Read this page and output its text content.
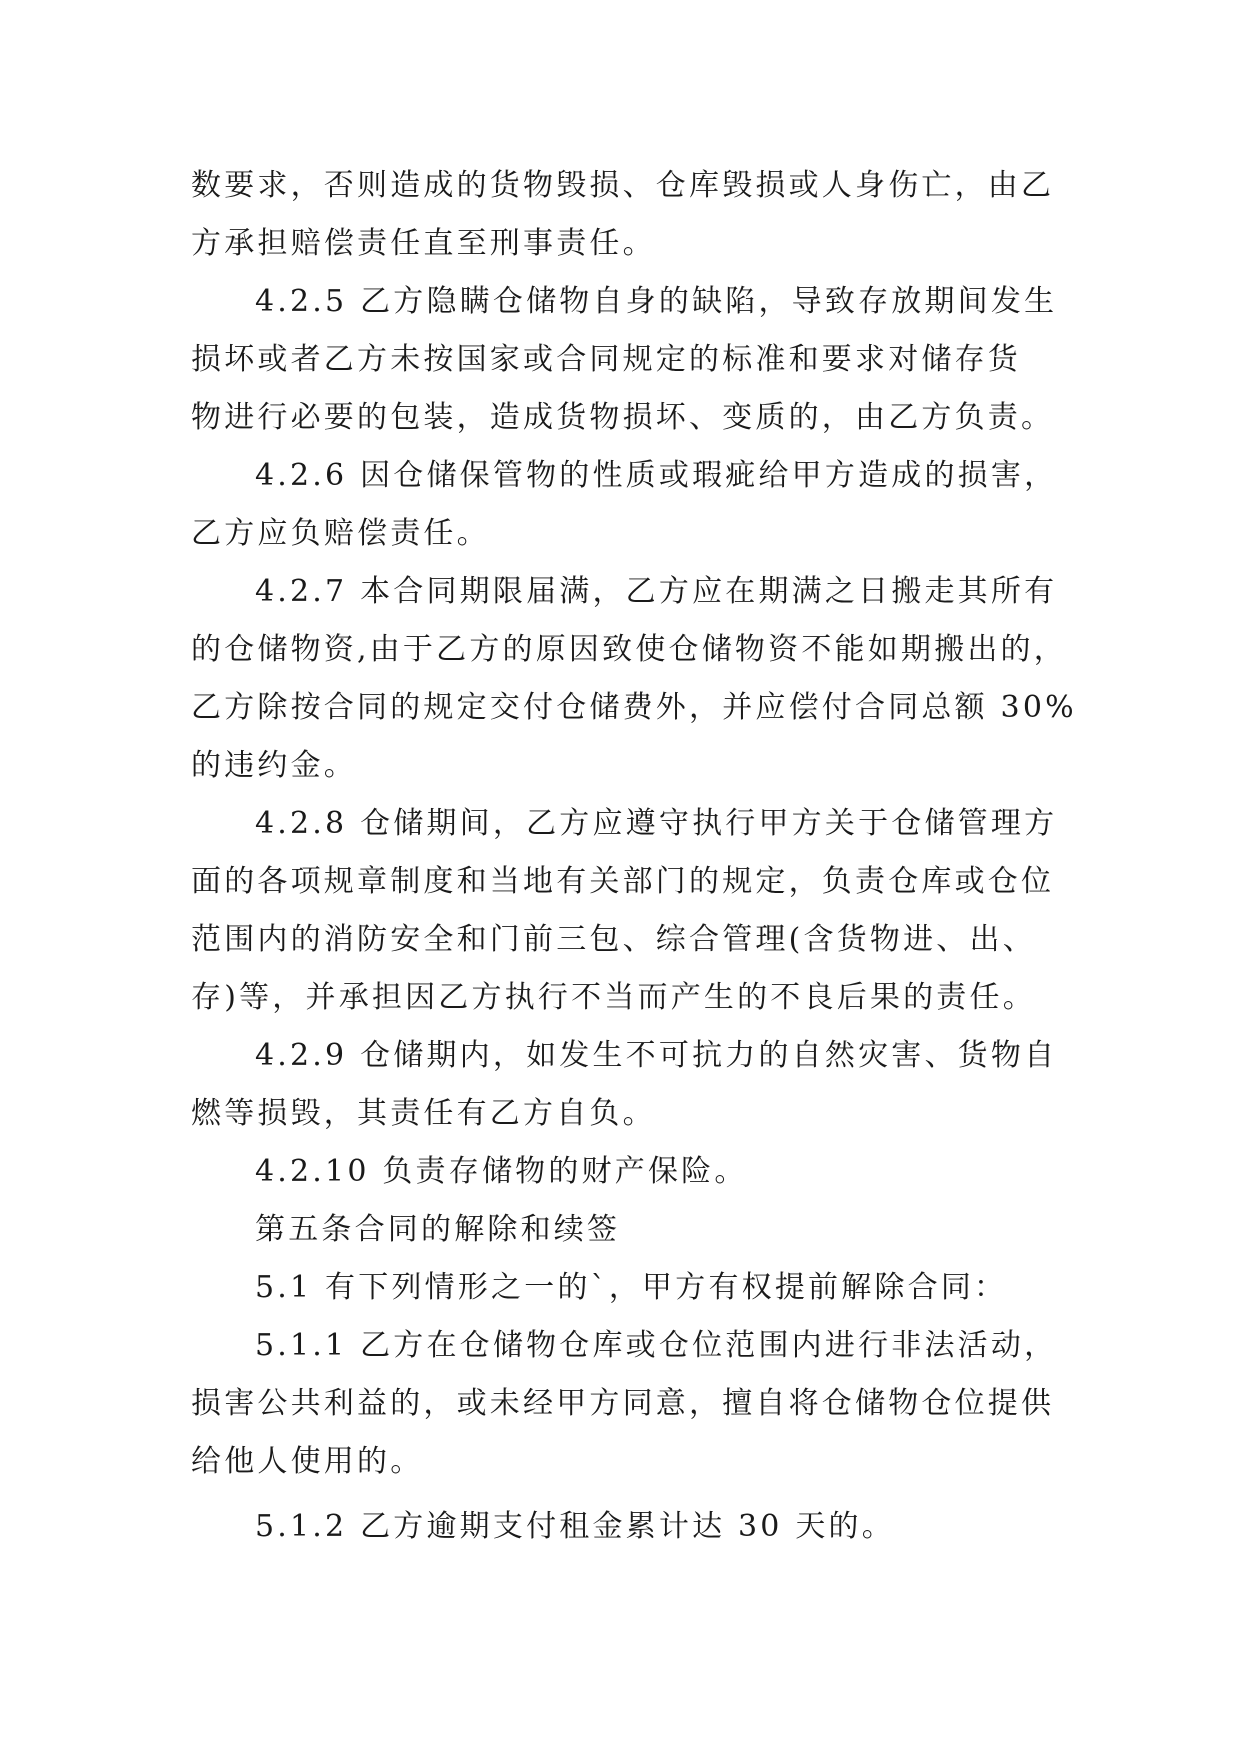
数要求，否则造成的货物毁损、仓库毁损或人身伤亡，由乙
方承担赔偿责任直至刑事责任。
4.2.5 乙方隐瞒仓储物自身的缺陷，导致存放期间发生
损坏或者乙方未按国家或合同规定的标准和要求对储存货
物进行必要的包装，造成货物损坏、变质的，由乙方负责。
4.2.6 因仓储保管物的性质或瑕疵给甲方造成的损害，
乙方应负赔偿责任。
4.2.7 本合同期限届满，乙方应在期满之日搬走其所有
的仓储物资,由于乙方的原因致使仓储物资不能如期搬出的，
乙方除按合同的规定交付仓储费外，并应偿付合同总额 30%
的违约金。
4.2.8 仓储期间，乙方应遵守执行甲方关于仓储管理方
面的各项规章制度和当地有关部门的规定，负责仓库或仓位
范围内的消防安全和门前三包、综合管理(含货物进、出、
存)等，并承担因乙方执行不当而产生的不良后果的责任。
4.2.9 仓储期内，如发生不可抗力的自然灾害、货物自
燃等损毁，其责任有乙方自负。
4.2.10 负责存储物的财产保险。
第五条合同的解除和续签
5.1 有下列情形之一的`，甲方有权提前解除合同：
5.1.1 乙方在仓储物仓库或仓位范围内进行非法活动，
损害公共利益的，或未经甲方同意，擅自将仓储物仓位提供
给他人使用的。
5.1.2 乙方逾期支付租金累计达 30 天的。
